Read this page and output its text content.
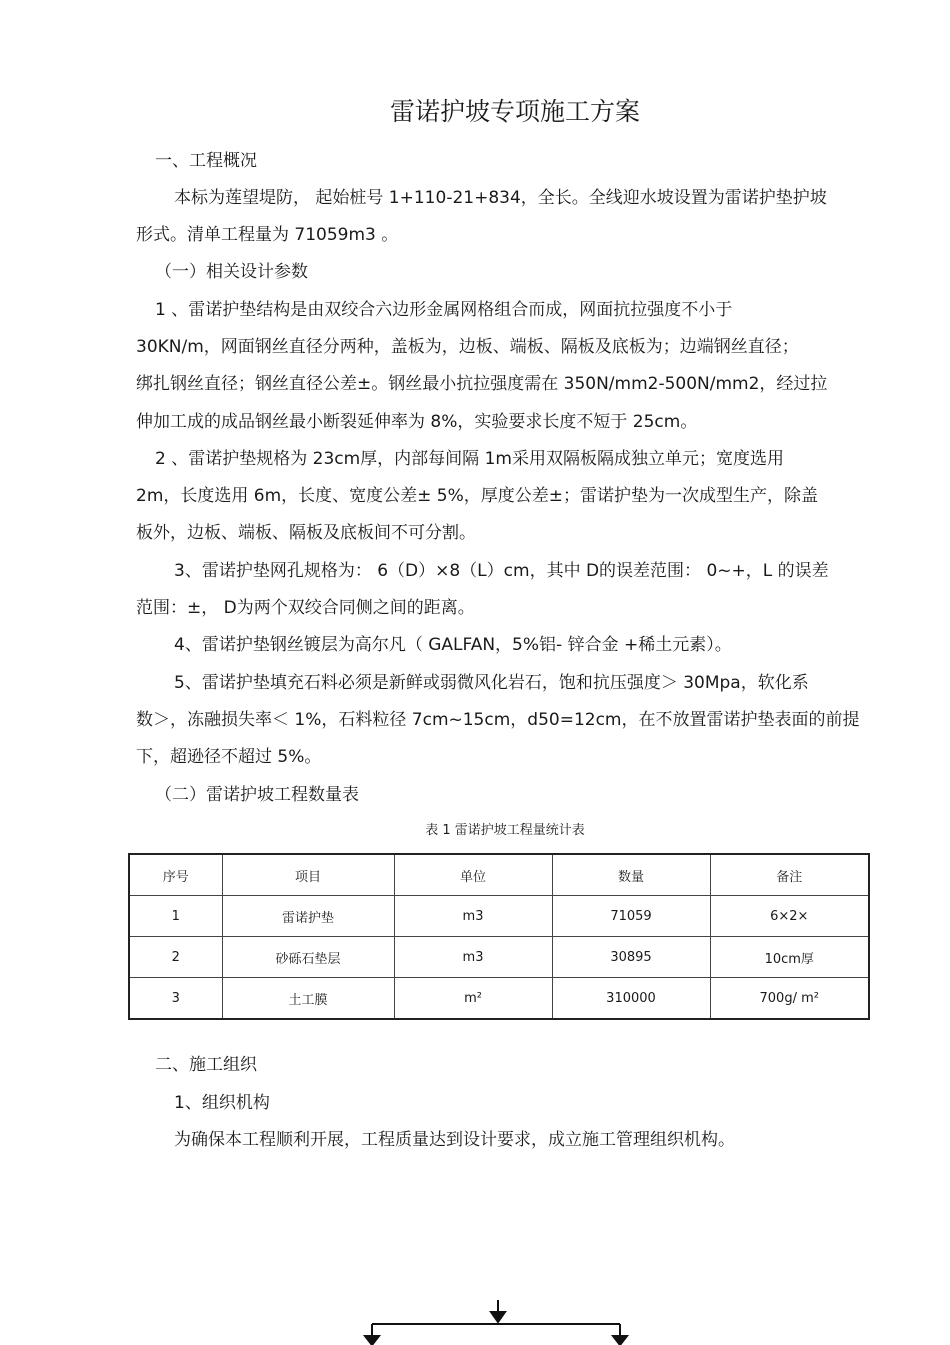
雷诺护坡专项施工方案
一、工程概况
本标为莲望堤防， 起始桩号 1+110-21+834，全长。全线迎水坡设置为雷诺护垫护坡
形式。清单工程量为 71059m3 。
（一）相关设计参数
1 、雷诺护垫结构是由双绞合六边形金属网格组合而成，网面抗拉强度不小于
30KN/m，网面钢丝直径分两种，盖板为，边板、端板、隔板及底板为；边端钢丝直径；
绑扎钢丝直径；钢丝直径公差±。钢丝最小抗拉强度需在 350N/mm2-500N/mm2，经过拉
伸加工成的成品钢丝最小断裂延伸率为 8%，实验要求长度不短于 25cm。
2 、雷诺护垫规格为 23cm厚，内部每间隔 1m采用双隔板隔成独立单元；宽度选用
2m，长度选用 6m，长度、宽度公差± 5%，厚度公差±；雷诺护垫为一次成型生产，除盖
板外，边板、端板、隔板及底板间不可分割。
3、雷诺护垫网孔规格为： 6（D）×8（L）cm，其中 D的误差范围： 0~+，L 的误差
范围：±， D为两个双绞合同侧之间的距离。
4、雷诺护垫钢丝镀层为高尔凡（ GALFAN，5%铝- 锌合金 +稀土元素）。
5、雷诺护垫填充石料必须是新鲜或弱微风化岩石，饱和抗压强度＞ 30Mpa，软化系
数＞，冻融损失率＜ 1%，石料粒径 7cm~15cm，d50=12cm，在不放置雷诺护垫表面的前提
下，超逊径不超过 5%。
（二）雷诺护坡工程数量表
表 1 雷诺护坡工程量统计表
序号	项目	单位	数量	备注
1	雷诺护垫	m3	71059	6×2×
2	砂砾石垫层	m3	30895	10cm厚
3	土工膜	m²	310000	700g/ m²
二、施工组织
1、组织机构
为确保本工程顺利开展，工程质量达到设计要求，成立施工管理组织机构。
